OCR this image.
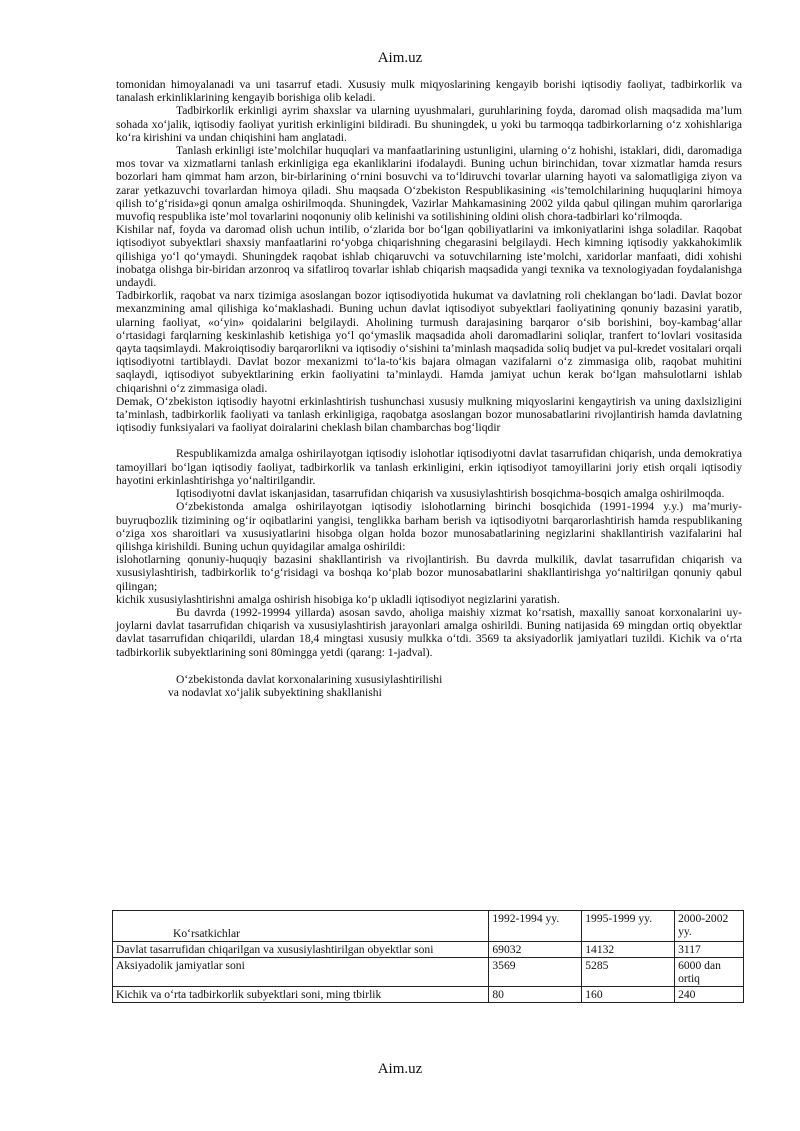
Aim.uz

tomonidan himoyalanadi va uni tasarruf etadi. Xususiy mulk miqyoslarining kengayib borishi iqtisodiy faoliyat, tadbirkorlik va tanalash erkinliklarining kengayib borishiga olib keladi.

Tadbirkorlik erkinligi ayrim shaxslar va ularning uyushmalari, guruhlarining foyda, daromad olish maqsadida ma’lum sohada xo‘jalik, iqtisodiy faoliyat yuritish erkinligini bildiradi. Bu shuningdek, u yoki bu tarmoqqa tadbirkorlarning o‘z xohishlariga ko‘ra kirishini va undan chiqishini ham anglatadi.

Tanlash erkinligi iste’molchilar huquqlari va manfaatlarining ustunligini, ularning o‘z hohishi, istaklari, didi, daromadiga mos tovar va xizmatlarni tanlash erkinligiga ega ekanliklarini ifodalaydi. Buning uchun birinchidan, tovar xizmatlar hamda resurs bozorlari ham qimmat ham arzon, bir-birlarining o‘rnini bosuvchi va to‘ldiruvchi tovarlar ularning hayoti va salomatligiga ziyon va zarar yetkazuvchi tovarlardan himoya qiladi. Shu maqsada O‘zbekiston Respublikasining «is’temolchilarining huquqlarini himoya qilish to‘g‘risida»gi qonun amalga oshirilmoqda. Shuningdek, Vazirlar Mahkamasining 2002 yilda qabul qilingan muhim qarorlariga muvofiq respublika iste’mol tovarlarini noqonuniy olib kelinishi va sotilishining oldini olish chora-tadbirlari ko‘rilmoqda.

Kishilar naf, foyda va daromad olish uchun intilib, o‘zlarida bor bo‘lgan qobiliyatlarini va imkoniyatlarini ishga soladilar. Raqobat iqtisodiyot subyektlari shaxsiy manfaatlarini ro‘yobga chiqarishning chegarasini belgilaydi. Hech kimning iqtisodiy yakkahokimlik qilishiga yo‘l qo‘ymaydi. Shuningdek raqobat ishlab chiqaruvchi va sotuvchilarning iste’molchi, xaridorlar manfaati, didi xohishi inobatga olishga bir-biridan arzonroq va sifatliroq tovarlar ishlab chiqarish maqsadida yangi texnika va texnologiyadan foydalanishga undaydi.

Tadbirkorlik, raqobat va narx tizimiga asoslangan bozor iqtisodiyotida hukumat va davlatning roli cheklangan bo‘ladi. Davlat bozor mexanzmining amal qilishiga ko‘maklashadi. Buning uchun davlat iqtisodiyot subyektlari faoliyatining qonuniy bazasini yaratib, ularning faoliyat, «o‘yin» qoidalarini belgilaydi. Aholining turmush darajasining barqaror o‘sib borishini, boy-kambag‘allar o‘rtasidagi farqlarning keskinlashib ketishiga yo‘l qo‘ymaslik maqsadida aholi daromadlarini soliqlar, tranfert to‘lovlari vositasida qayta taqsimlaydi. Makroiqtisodiy barqarorlikni va iqtisodiy o‘sishini ta’minlash maqsadida soliq budjet va pul-kredet vositalari orqali iqtisodiyotni tartiblaydi. Davlat bozor mexanizmi to‘la-to‘kis bajara olmagan vazifalarni o‘z zimmasiga olib, raqobat muhitini saqlaydi, iqtisodiyot subyektlarining erkin faoliyatini ta’minlaydi. Hamda jamiyat uchun kerak bo‘lgan mahsulotlarni ishlab chiqarishni o‘z zimmasiga oladi.

Demak, O‘zbekiston iqtisodiy hayotni erkinlashtirish tushunchasi xususiy mulkning miqyoslarini kengaytirish va uning daxlsizligini ta’minlash, tadbirkorlik faoliyati va tanlash erkinligiga, raqobatga asoslangan bozor munosabatlarini rivojlantirish hamda davlatning iqtisodiy funksiyalari va faoliyat doiralarini cheklash bilan chambarchas bog‘liqdir

Respublikamizda amalga oshirilayotgan iqtisodiy islohotlar iqtisodiyotni davlat tasarrufidan chiqarish, unda demokratiya tamoyillari bo‘lgan iqtisodiy faoliyat, tadbirkorlik va tanlash erkinligini, erkin iqtisodiyot tamoyillarini joriy etish orqali iqtisodiy hayotini erkinlashtirishga yo‘naltirilgandir.

Iqtisodiyotni davlat iskanjasidan, tasarrufidan chiqarish va xususiylashtirish bosqichma-bosqich amalga oshirilmoqda.

O‘zbekistonda amalga oshirilayotgan iqtisodiy islohotlarning birinchi bosqichida (1991-1994 y.y.) ma’muriy-buyruqbozlik tizimining og‘ir oqibatlarini yangisi, tenglikka barham berish va iqtisodiyotni barqarorlashtirish hamda respublikaning o‘ziga xos sharoitlari va xususiyatlarini hisobga olgan holda bozor munosabatlarining negizlarini shakllantirish vazifalarini hal qilishga kirishildi. Buning uchun quyidagilar amalga oshirildi:

islohotlarning qonuniy-huquqiy bazasini shakllantirish va rivojlantirish. Bu davrda mulkilik, davlat tasarrufidan chiqarish va xususiylashtirish, tadbirkorlik to‘g‘risidagi va boshqa ko‘plab bozor munosabatlarini shakllantirishga yo‘naltirilgan qonuniy qabul qilingan;

kichik xususiylashtirishni amalga oshirish hisobiga ko‘p ukladli iqtisodiyot negizlarini yaratish.

Bu davrda (1992-19994 yillarda) asosan savdo, aholiga maishiy xizmat ko‘rsatish, maxalliy sanoat korxonalarini uy-joylarni davlat tasarrufidan chiqarish va xususiylashtirish jarayonlari amalga oshirildi. Buning natijasida 69 mingdan ortiq obyektlar davlat tasarrufidan chiqarildi, ulardan 18,4 mingtasi xususiy mulkka o‘tdi. 3569 ta aksiyadorlik jamiyatlari tuzildi. Kichik va o‘rta tadbirkorlik subyektlarining soni 80mingga yetdi (qarang: 1-jadval).

O‘zbekistonda davlat korxonalarining xususiylashtirilishi
va nodavlat xo‘jalik subyektining shakllanishi
Ko‘rsatkichlar	1992-1994 yy.	1995-1999 yy.	2000-2002 yy.
Davlat tasarrufidan chiqarilgan va xususiylashtirilgan obyektlar soni	69032	14132	3117
Aksiyadolik jamiyatlar soni	3569	5285	6000 dan ortiq
Kichik va o‘rta tadbirkorlik subyektlari soni, ming tbirlik	80	160	240
Aim.uz
